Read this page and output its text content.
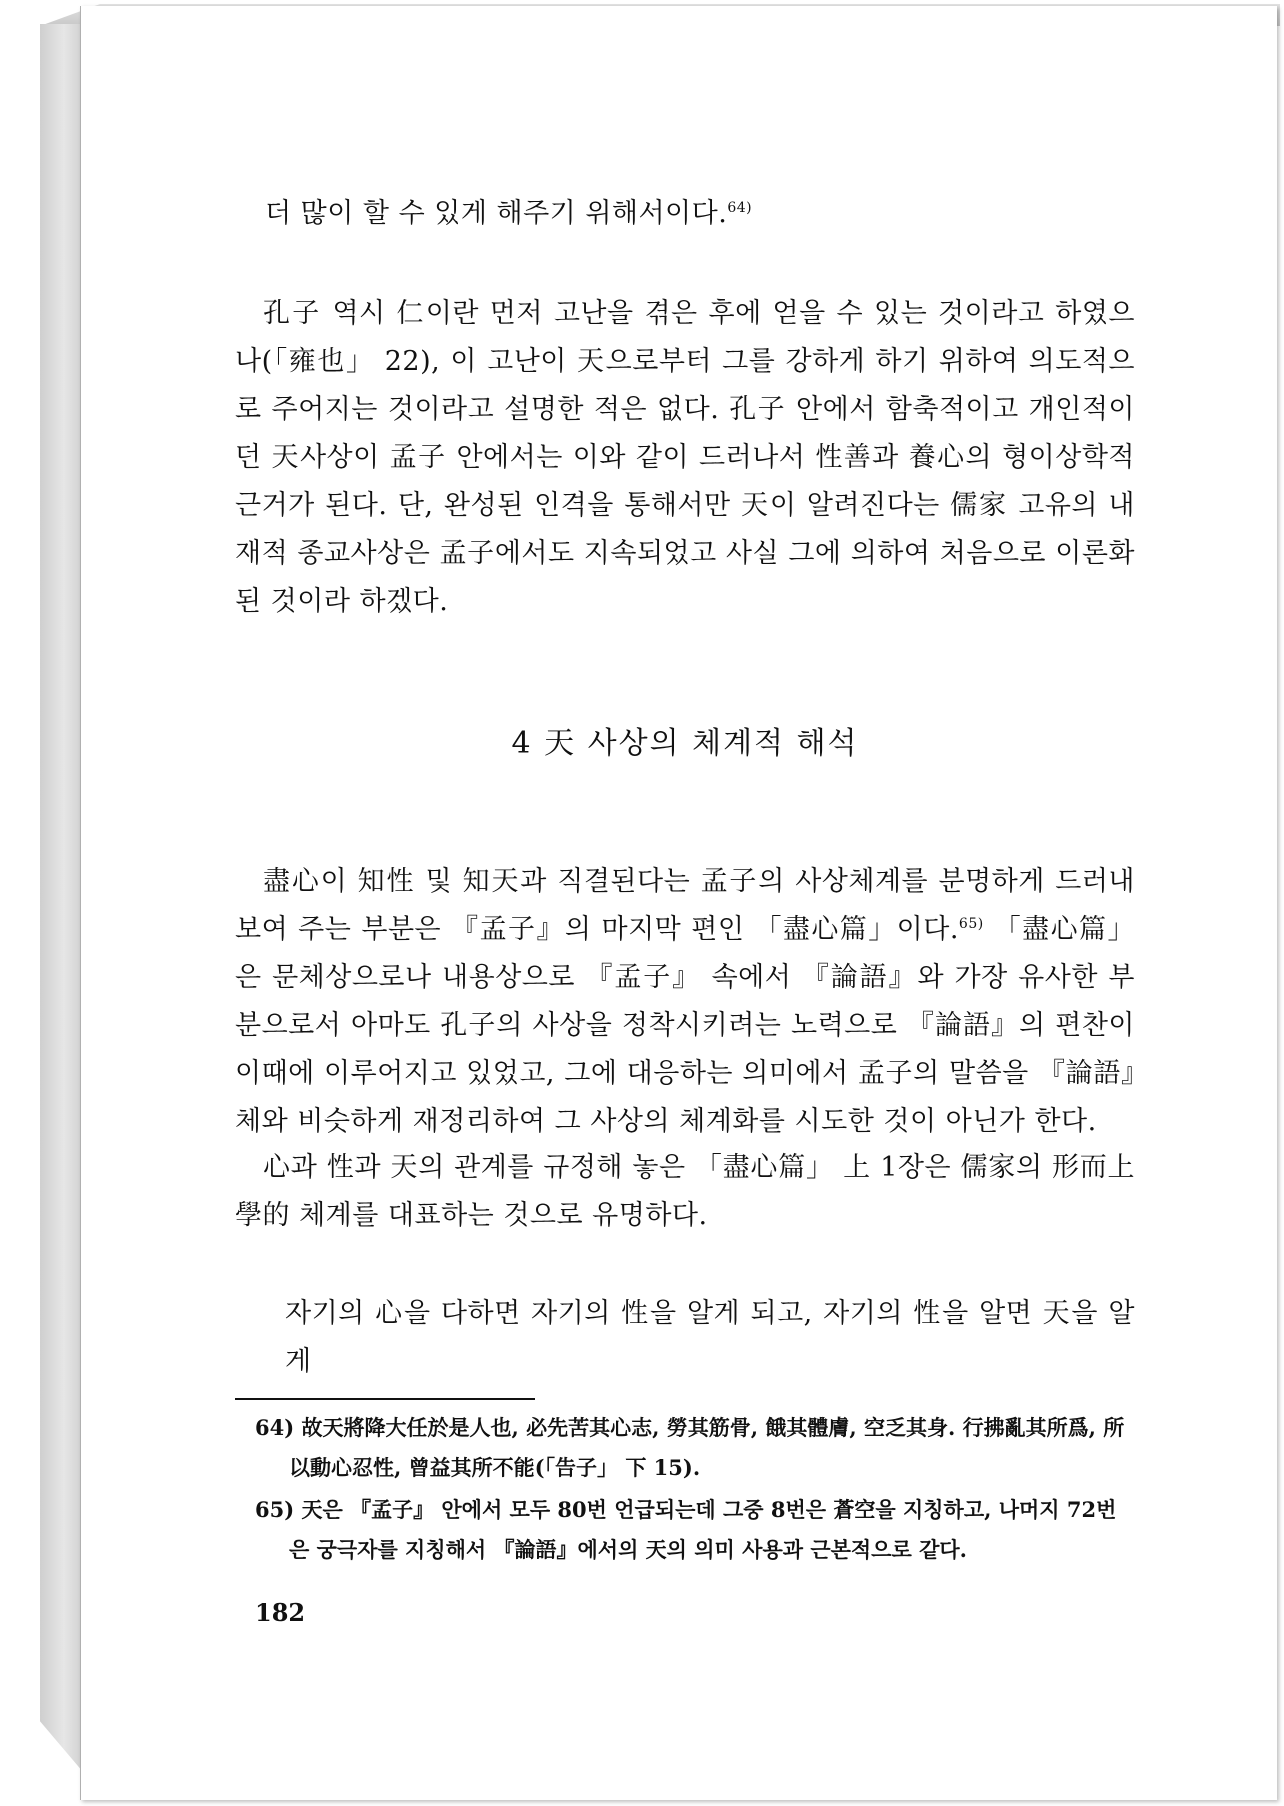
더 많이 할 수 있게 해주기 위해서이다.$^{64)}$

孔子 역시 仁이란 먼저 고난을 겪은 후에 얻을 수 있는 것이라고 하였으나(「雍也」 22), 이 고난이 天으로부터 그를 강하게 하기 위하여 의도적으로 주어지는 것이라고 설명한 적은 없다. 孔子 안에서 함축적이고 개인적이던 天사상이 孟子 안에서는 이와 같이 드러나서 性善과 養心의 형이상학적 근거가 된다. 단, 완성된 인격을 통해서만 天이 알려진다는 儒家 고유의 내재적 종교사상은 孟子에서도 지속되었고 사실 그에 의하여 처음으로 이론화된 것이라 하겠다.

4 天 사상의 체계적 해석

盡心이 知性 및 知天과 직결된다는 孟子의 사상체계를 분명하게 드러내 보여 주는 부분은 『孟子』의 마지막 편인 「盡心篇」이다.$^{65)}$ 「盡心篇」은 문체상으로나 내용상으로 『孟子』 속에서 『論語』와 가장 유사한 부분으로서 아마도 孔子의 사상을 정착시키려는 노력으로 『論語』의 편찬이 이때에 이루어지고 있었고, 그에 대응하는 의미에서 孟子의 말씀을 『論語』체와 비슷하게 재정리하여 그 사상의 체계화를 시도한 것이 아닌가 한다.

心과 性과 天의 관계를 규정해 놓은 「盡心篇」 上 1장은 儒家의 形而上學的 체계를 대표하는 것으로 유명하다.

자기의 心을 다하면 자기의 性을 알게 되고, 자기의 性을 알면 天을 알게

64) 故天將降大任於是人也, 必先苦其心志, 勞其筋骨, 餓其體膚, 空乏其身. 行拂亂其所爲, 所以動心忍性, 曾益其所不能(「告子」 下 15).

65) 天은 『孟子』 안에서 모두 80번 언급되는데 그중 8번은 蒼空을 지칭하고, 나머지 72번은 궁극자를 지칭해서 『論語』에서의 天의 의미 사용과 근본적으로 같다.

182
